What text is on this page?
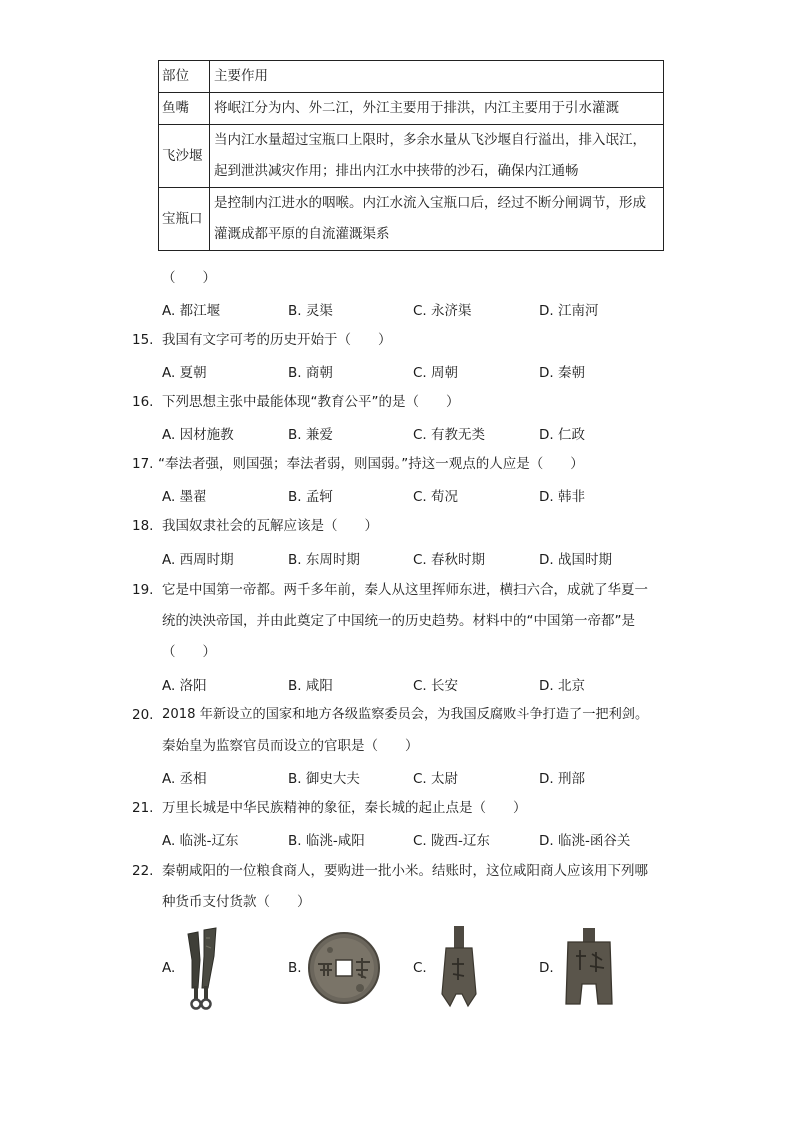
部位	主要作用
鱼嘴	将岷江分为内、外二江，外江主要用于排洪，内江主要用于引水灌溉
飞沙堰	当内江水量超过宝瓶口上限时，多余水量从飞沙堰自行溢出，排入氓江，
起到泄洪减灾作用；排出内江水中挟带的沙石，确保内江通畅

宝瓶口	是控制内江进水的咽喉。内江水流入宝瓶口后，经过不断分闸调节，形成
灌溉成都平原的自流灌溉渠系
（　　）
A. 都江堰	B. 灵渠	C. 永济渠	D. 江南河
15. 我国有文字可考的历史开始于（　　）
A. 夏朝	B. 商朝	C. 周朝	D. 秦朝
16. 下列思想主张中最能体现“教育公平”的是（　　）
A. 因材施教	B. 兼爱	C. 有教无类	D. 仁政
17. “奉法者强，则国强；奉法者弱，则国弱。”持这一观点的人应是（　　）
A. 墨翟	B. 孟轲	C. 荀况	D. 韩非
18. 我国奴隶社会的瓦解应该是（　　）
A. 西周时期	B. 东周时期	C. 春秋时期	D. 战国时期
19. 它是中国第一帝都。两千多年前，秦人从这里挥师东进，横扫六合，成就了华夏一
统的泱泱帝国，并由此奠定了中国统一的历史趋势。材料中的“中国第一帝都”是
（　　）
A. 洛阳	B. 咸阳	C. 长安	D. 北京
20. 2018 年新设立的国家和地方各级监察委员会，为我国反腐败斗争打造了一把利剑。
秦始皇为监察官员而设立的官职是（　　）
A. 丞相	B. 御史大夫	C. 太尉	D. 刑部
21. 万里长城是中华民族精神的象征，秦长城的起止点是（　　）
A. 临洮-辽东	B. 临洮-咸阳	C. 陇西-辽东	D. 临洮-函谷关
22. 秦朝咸阳的一位粮食商人，要购进一批小米。结账时，这位咸阳商人应该用下列哪
种货币支付货款（　　）
A.	B.	C.	D.
